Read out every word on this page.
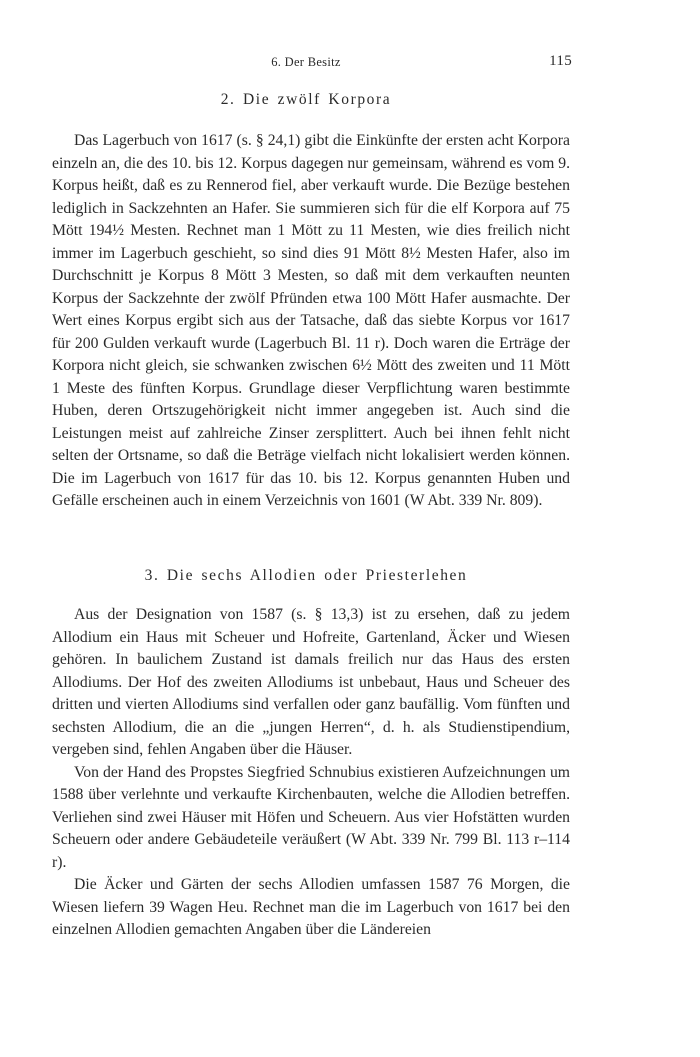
6. Der Besitz	115
2. Die zwölf Korpora

Das Lagerbuch von 1617 (s. § 24,1) gibt die Einkünfte der ersten acht Korpora einzeln an, die des 10. bis 12. Korpus dagegen nur gemeinsam, während es vom 9. Korpus heißt, daß es zu Rennerod fiel, aber verkauft wurde. Die Bezüge bestehen lediglich in Sackzehnten an Hafer. Sie summieren sich für die elf Korpora auf 75 Mött 194½ Mesten. Rechnet man 1 Mött zu 11 Mesten, wie dies freilich nicht immer im Lagerbuch geschieht, so sind dies 91 Mött 8½ Mesten Hafer, also im Durchschnitt je Korpus 8 Mött 3 Mesten, so daß mit dem verkauften neunten Korpus der Sackzehnte der zwölf Pfründen etwa 100 Mött Hafer ausmachte. Der Wert eines Korpus ergibt sich aus der Tatsache, daß das siebte Korpus vor 1617 für 200 Gulden verkauft wurde (Lagerbuch Bl. 11 r). Doch waren die Erträge der Korpora nicht gleich, sie schwanken zwischen 6½ Mött des zweiten und 11 Mött 1 Meste des fünften Korpus. Grundlage dieser Verpflichtung waren bestimmte Huben, deren Ortszugehörigkeit nicht immer angegeben ist. Auch sind die Leistungen meist auf zahlreiche Zinser zersplittert. Auch bei ihnen fehlt nicht selten der Ortsname, so daß die Beträge vielfach nicht lokalisiert werden können. Die im Lagerbuch von 1617 für das 10. bis 12. Korpus genannten Huben und Gefälle erscheinen auch in einem Verzeichnis von 1601 (W Abt. 339 Nr. 809).

3. Die sechs Allodien oder Priesterlehen

Aus der Designation von 1587 (s. § 13,3) ist zu ersehen, daß zu jedem Allodium ein Haus mit Scheuer und Hofreite, Gartenland, Äcker und Wiesen gehören. In baulichem Zustand ist damals freilich nur das Haus des ersten Allodiums. Der Hof des zweiten Allodiums ist unbebaut, Haus und Scheuer des dritten und vierten Allodiums sind verfallen oder ganz baufällig. Vom fünften und sechsten Allodium, die an die „jungen Herren“, d. h. als Studienstipendium, vergeben sind, fehlen Angaben über die Häuser.

Von der Hand des Propstes Siegfried Schnubius existieren Aufzeichnungen um 1588 über verlehnte und verkaufte Kirchenbauten, welche die Allodien betreffen. Verliehen sind zwei Häuser mit Höfen und Scheuern. Aus vier Hofstätten wurden Scheuern oder andere Gebäudeteile veräußert (W Abt. 339 Nr. 799 Bl. 113 r–114 r).

Die Äcker und Gärten der sechs Allodien umfassen 1587 76 Morgen, die Wiesen liefern 39 Wagen Heu. Rechnet man die im Lagerbuch von 1617 bei den einzelnen Allodien gemachten Angaben über die Ländereien
